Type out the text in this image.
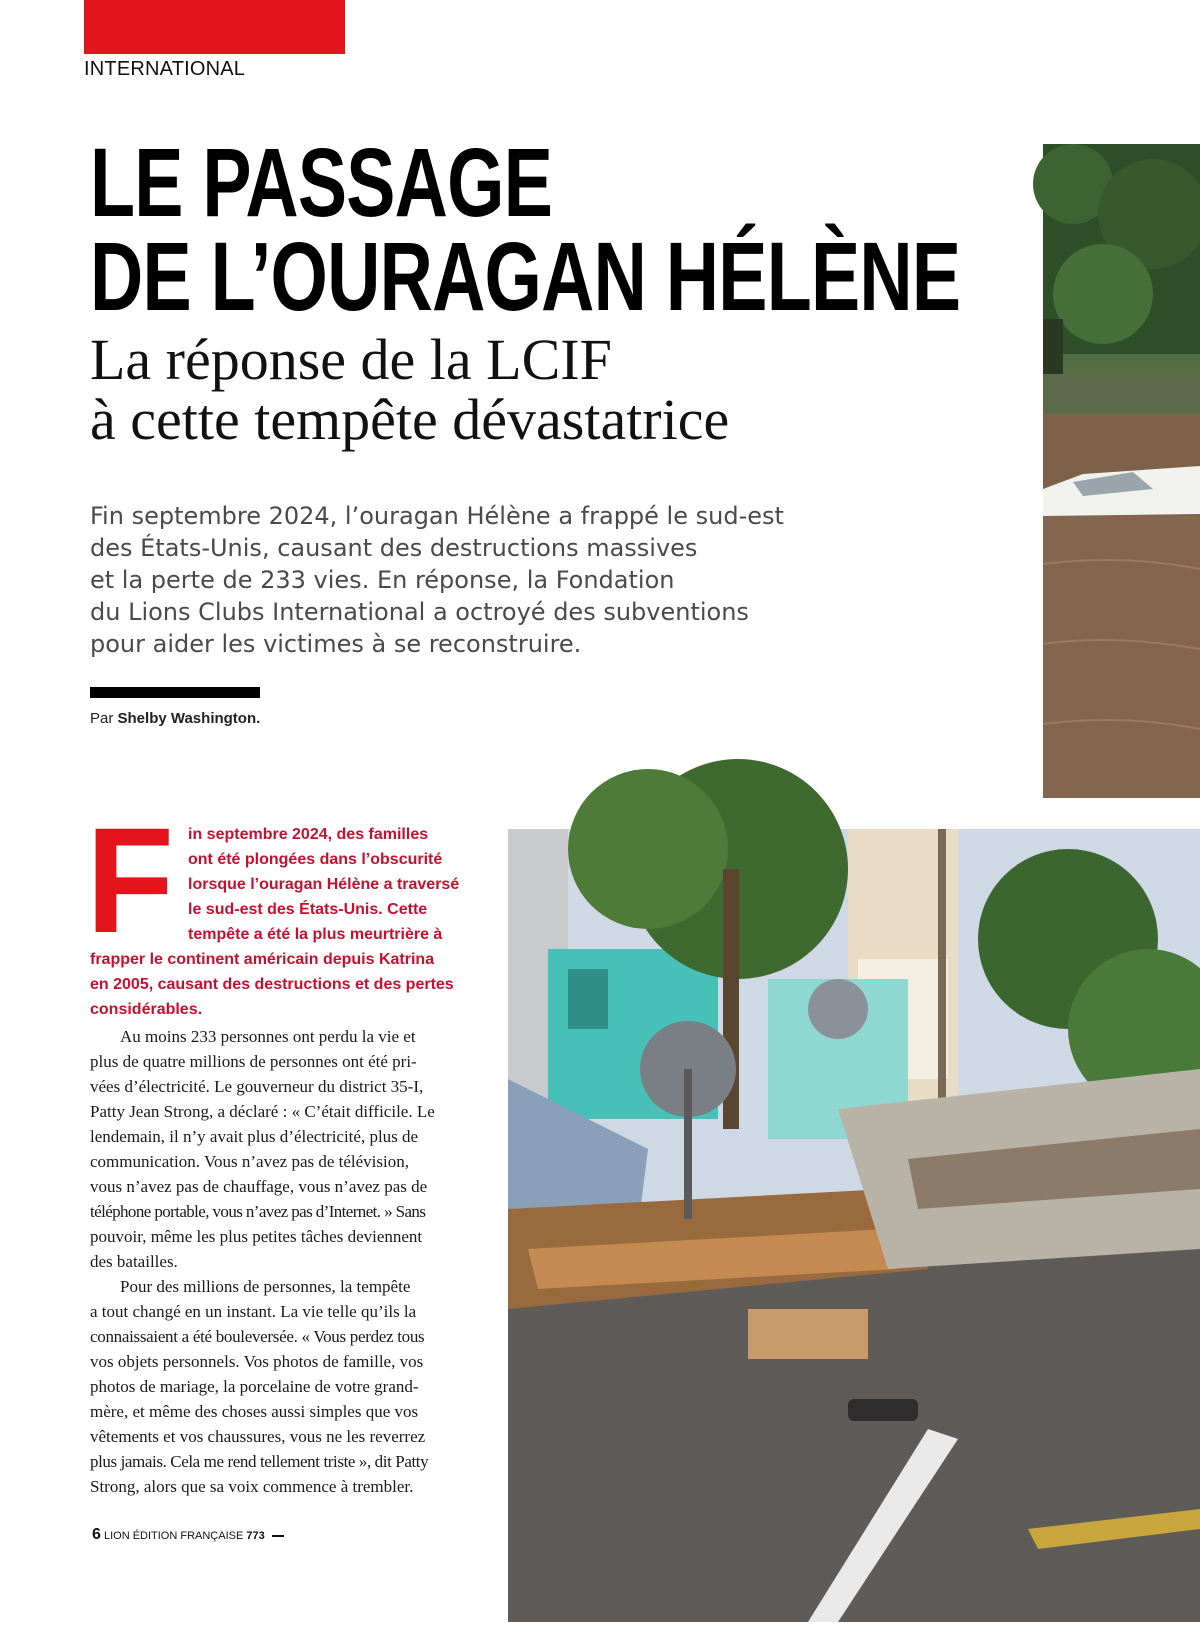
INTERNATIONAL
LE PASSAGE
DE L’OURAGAN HÉLÈNE
La réponse de la LCIF
à cette tempête dévastatrice

Fin septembre 2024, l’ouragan Hélène a frappé le sud-est
des États-Unis, causant des destructions massives
et la perte de 233 vies. En réponse, la Fondation
du Lions Clubs International a octroyé des subventions
pour aider les victimes à se reconstruire.

Par Shelby Washington.
F in septembre 2024, des familles
ont été plongées dans l’obscurité
lorsque l’ouragan Hélène a traversé
le sud-est des États-Unis. Cette
tempête a été la plus meurtrière à
frapper le continent américain depuis Katrina
en 2005, causant des destructions et des pertes
considérables.

Au moins 233 personnes ont perdu la vie et
plus de quatre millions de personnes ont été pri-
vées d’électricité. Le gouverneur du district 35-I,
Patty Jean Strong, a déclaré : « C’était difficile. Le
lendemain, il n’y avait plus d’électricité, plus de
communication. Vous n’avez pas de télévision,
vous n’avez pas de chauffage, vous n’avez pas de
téléphone portable, vous n’avez pas d’Internet. » Sans
pouvoir, même les plus petites tâches deviennent
des batailles.
Pour des millions de personnes, la tempête
a tout changé en un instant. La vie telle qu’ils la
connaissaient a été bouleversée. « Vous perdez tous
vos objets personnels. Vos photos de famille, vos
photos de mariage, la porcelaine de votre grand-
mère, et même des choses aussi simples que vos
vêtements et vos chaussures, vous ne les reverrez
plus jamais. Cela me rend tellement triste », dit Patty
Strong, alors que sa voix commence à trembler.

6 LION ÉDITION FRANÇAISE 773
